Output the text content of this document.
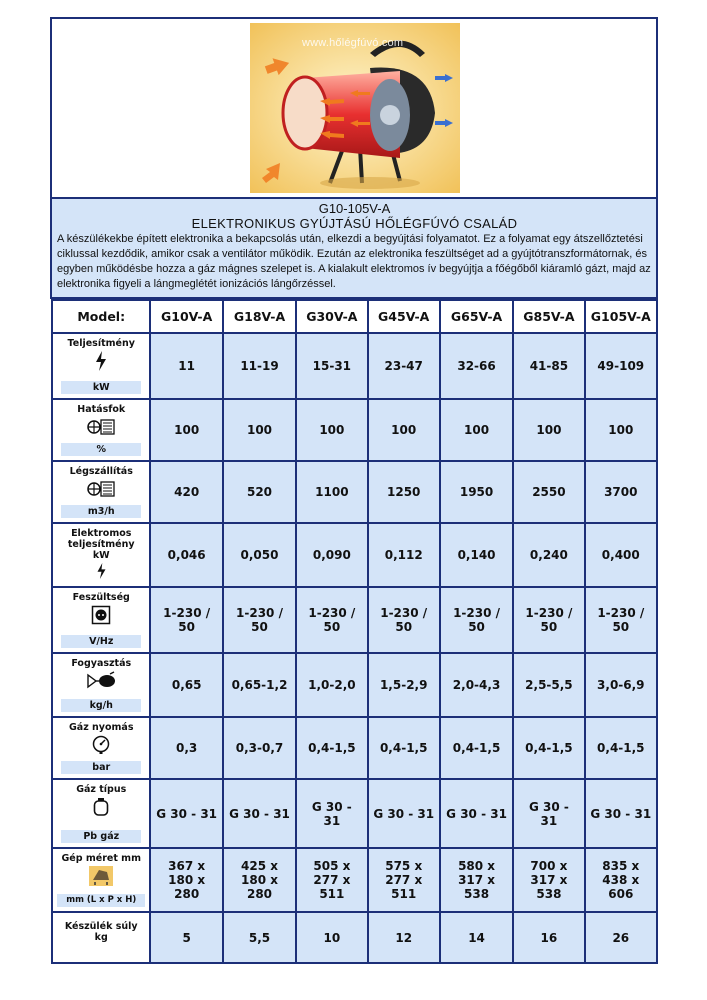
www.hőlégfúvó.com
G10-105V-A
ELEKTRONIKUS GYÚJTÁSÚ HŐLÉGFÚVÓ CSALÁD
A készülékekbe épített elektronika a bekapcsolás után, elkezdi a begyújtási folyamatot. Ez a folyamat egy átszellőztetési ciklussal kezdődik, amikor csak a ventilátor működik. Ezután az elektronika feszültséget ad a gyújtótranszformátornak, és egyben működésbe hozza a gáz mágnes szelepet is. A kialakult elektromos ív begyújtja a főégőből kiáramló gázt, majd az elektronika figyeli a lángmeglétét ionizációs lángőrzéssel.
Model:	G10V-A	G18V-A	G30V-A	G45V-A	G65V-A	G85V-A	G105V-A

Teljesítmény
kW	11	11-19	15-31	23-47	32-66	41-85	49-109

Hatásfok
%	100	100	100	100	100	100	100

Légszállítás
m3/h	420	520	1100	1250	1950	2550	3700

Elektromos teljesítmény
kW	0,046	0,050	0,090	0,112	0,140	0,240	0,400

Feszültség
V/Hz	1-230 / 50	1-230 / 50	1-230 / 50	1-230 / 50	1-230 / 50	1-230 / 50	1-230 / 50

Fogyasztás
kg/h	0,65	0,65-1,2	1,0-2,0	1,5-2,9	2,0-4,3	2,5-5,5	3,0-6,9

Gáz nyomás
bar	0,3	0,3-0,7	0,4-1,5	0,4-1,5	0,4-1,5	0,4-1,5	0,4-1,5

Gáz típus
Pb gáz	G 30 - 31	G 30 - 31	G 30 - 31	G 30 - 31	G 30 - 31	G 30 - 31	G 30 - 31

Gép méret mm
mm (L x P x H)	367 x 180 x 280	425 x 180 x 280	505 x 277 x 511	575 x 277 x 511	580 x 317 x 538	700 x 317 x 538	835 x 438 x 606

Készülék súly
kg	5	5,5	10	12	14	16	26
